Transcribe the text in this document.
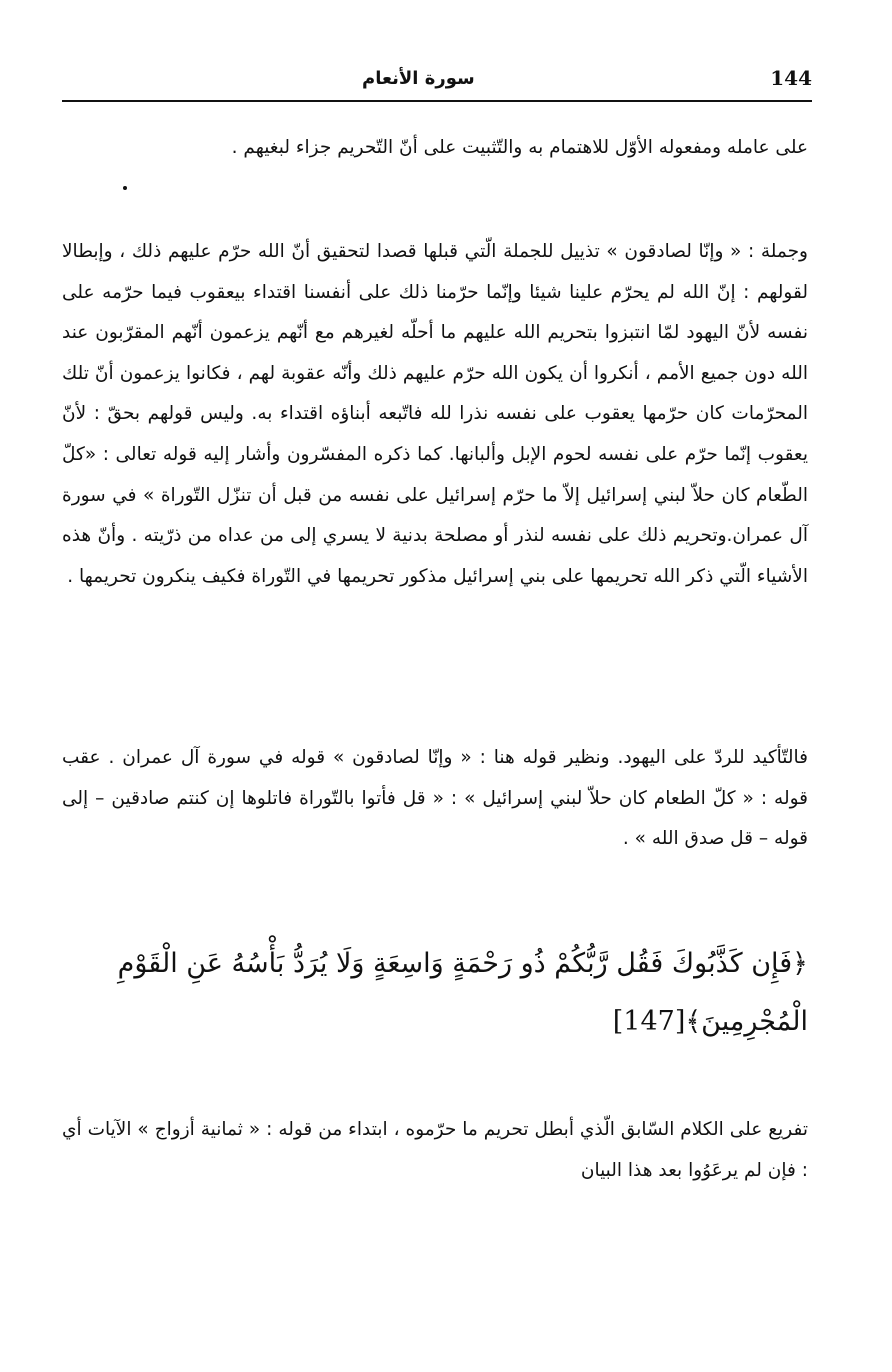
144
سورة الأنعام

على عامله ومفعوله الأوّل للاهتمام به والتّثبيت على أنّ التّحريم جزاء لبغيهم .

وجملة : « وإنّا لصادقون » تذييل للجملة الّتي قبلها قصدا لتحقيق أنّ الله حرّم عليهم ذلك ، وإبطالا لقولهم : إنّ الله لم يحرّم علينا شيئا وإنّما حرّمنا ذلك على أنفسنا اقتداء بيعقوب فيما حرّمه على نفسه لأنّ اليهود لمّا انتبزوا بتحريم الله عليهم ما أحلّه لغيرهم مع أنّهم يزعمون أنّهم المقرّبون عند الله دون جميع الأمم ، أنكروا أن يكون الله حرّم عليهم ذلك وأنّه عقوبة لهم ، فكانوا يزعمون أنّ تلك المحرّمات كان حرّمها يعقوب على نفسه نذرا لله فاتّبعه أبناؤه اقتداء به. وليس قولهم بحقّ : لأنّ يعقوب إنّما حرّم على نفسه لحوم الإبل وألبانها. كما ذكره المفسّرون وأشار إليه قوله تعالى : «كلّ الطّعام كان حلاّ لبني إسرائيل إلاّ ما حرّم إسرائيل على نفسه من قبل أن تنزّل التّوراة » في سورة آل عمران.وتحريم ذلك على نفسه لنذر أو مصلحة بدنية لا يسري إلى من عداه من ذرّيته . وأنّ هذه الأشياء الّتي ذكر الله تحريمها على بني إسرائيل مذكور تحريمها في التّوراة فكيف ينكرون تحريمها .

فالتّأكيد للردّ على اليهود. ونظير قوله هنا : « وإنّا لصادقون » قوله في سورة آل عمران . عقب قوله : « كلّ الطعام كان حلاّ لبني إسرائيل » : « قل فأتوا بالتّوراة فاتلوها إن كنتم صادقين – إلى قوله – قل صدق الله » .

﴿فَإِن كَذَّبُوكَ فَقُل رَّبُّكُمْ ذُو رَحْمَةٍ وَاسِعَةٍ وَلَا يُرَدُّ بَأْسُهُ عَنِ الْقَوْمِ الْمُجْرِمِينَ﴾[147]

تفريع على الكلام السّابق الّذي أبطل تحريم ما حرّموه ، ابتداء من قوله : « ثمانية أزواج » الآيات أي : فإن لم يرعَوُوا بعد هذا البيان
